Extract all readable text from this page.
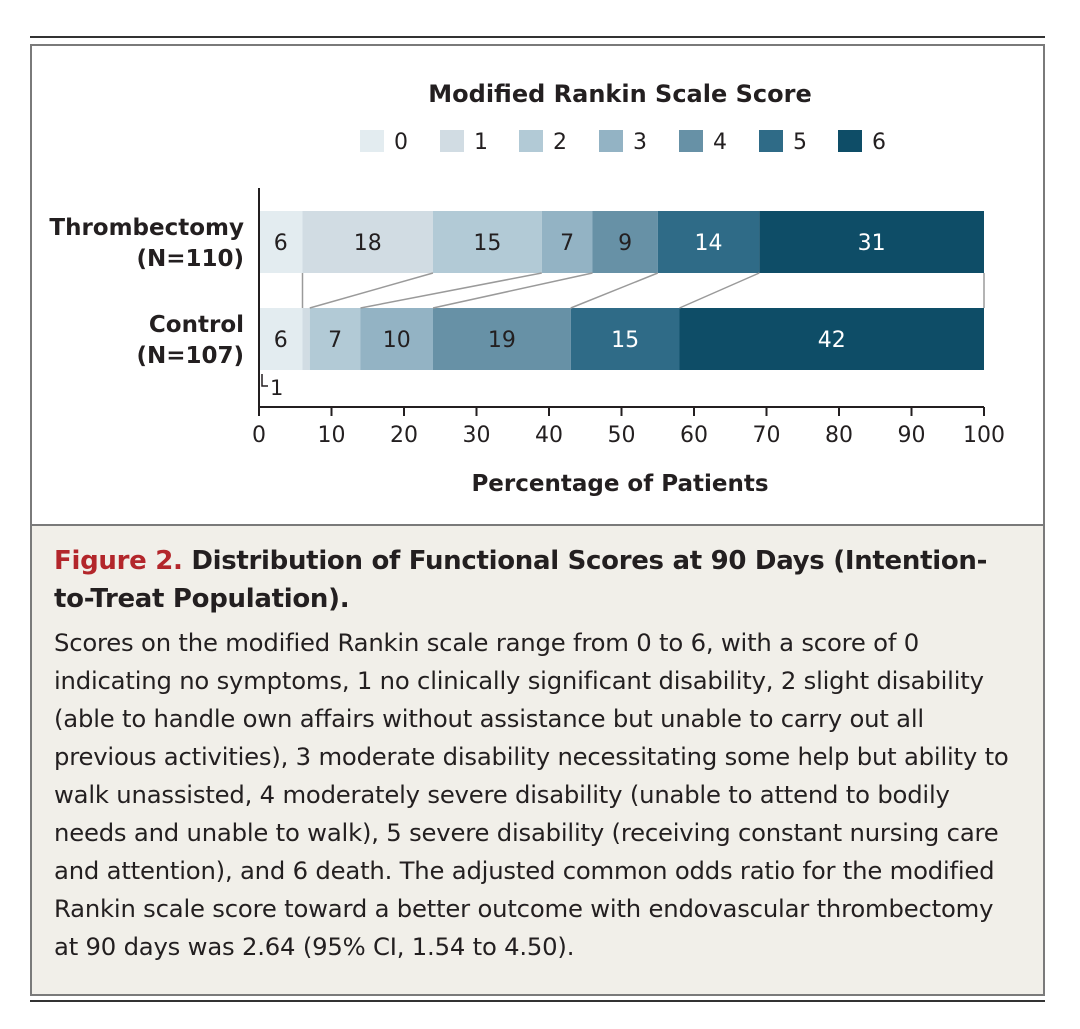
Modified Rankin Scale Score
0	1	2	3	4	5	6
6	18	15	7 9	14	31
6 7 10	19	15	42
1
Thrombectomy
(N=110)
Control
(N=107)
0 10 20 30 40 50 60 70 80 90 100
Percentage of Patients

Figure 2. Distribution of Functional Scores at 90 Days (Intention-to-Treat Population).

Scores on the modified Rankin scale range from 0 to 6, with a score of 0 indicating no symptoms, 1 no clinically significant disability, 2 slight disability (able to handle own affairs without assistance but unable to carry out all previous activities), 3 moderate disability necessitating some help but ability to walk unassisted, 4 moderately severe disability (unable to attend to bodily needs and unable to walk), 5 severe disability (receiving constant nursing care and attention), and 6 death. The adjusted common odds ratio for the modified Rankin scale score toward a better outcome with endovascular thrombectomy at 90 days was 2.64 (95% CI, 1.54 to 4.50).
